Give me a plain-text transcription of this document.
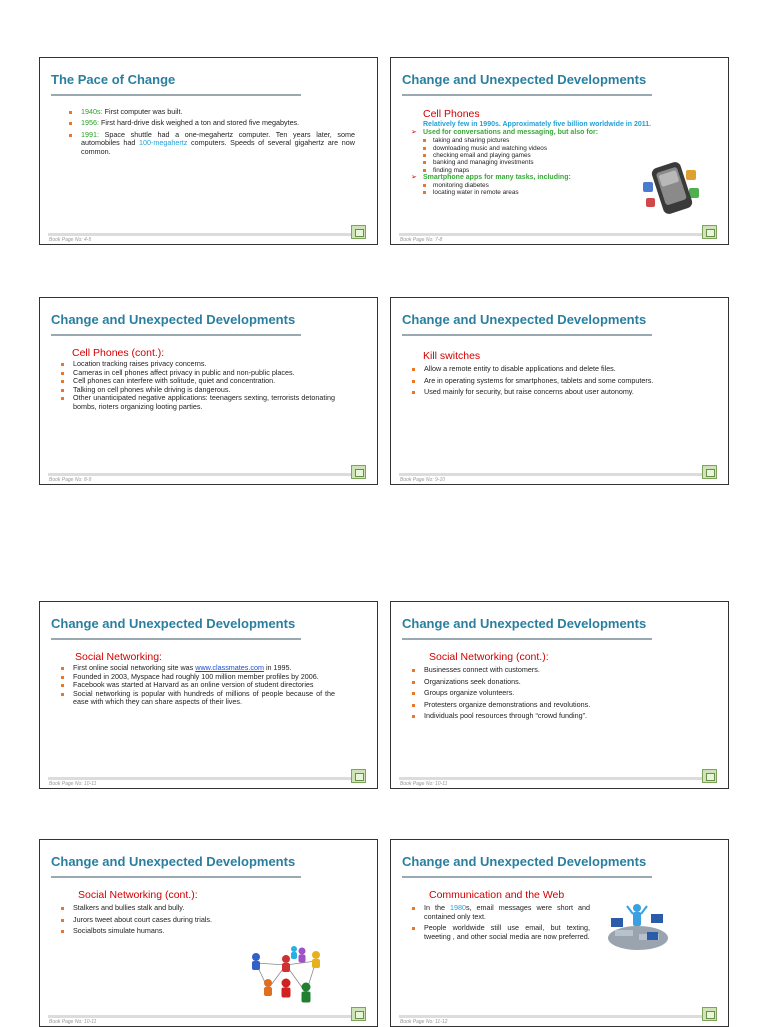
The Pace of Change
1940s: First computer was built.
1956: First hard-drive disk weighed a ton and stored five megabytes.
1991: Space shuttle had a one-megahertz computer. Ten years later, some automobiles had 100-megahertz computers. Speeds of several gigahertz are now common.
Book Page No: 4-5
Change and Unexpected Developments
Cell Phones
Relatively few in 1990s. Approximately five billion worldwide in 2011.
➢ Used for conversations and messaging, but also for:
taking and sharing pictures
downloading music and watching videos
checking email and playing games
banking and managing investments
finding maps
➢ Smartphone apps for many tasks, including:
monitoring diabetes
locating water in remote areas
Book Page No: 7-8
Change and Unexpected Developments
Cell Phones (cont.):
Location tracking raises privacy concerns.
Cameras in cell phones affect privacy in public and non-public places.
Cell phones can interfere with solitude, quiet and concentration.
Talking on cell phones while driving is dangerous.
Other unanticipated negative applications: teenagers sexting, terrorists detonating bombs, rioters organizing looting parties.
Book Page No: 8-9
Change and Unexpected Developments
Kill switches
Allow a remote entity to disable applications and delete files.
Are in operating systems for smartphones, tablets and some computers.
Used mainly for security, but raise concerns about user autonomy.
Book Page No: 9-10
Change and Unexpected Developments
Social Networking:
First online social networking site was www.classmates.com in 1995.
Founded in 2003, Myspace had roughly 100 million member profiles by 2006.
Facebook was started at Harvard as an online version of student directories
Social networking is popular with hundreds of millions of people because of the ease with which they can share aspects of their lives.
Book Page No: 10-11
Change and Unexpected Developments
Social Networking (cont.):
Businesses connect with customers.
Organizations seek donations.
Groups organize volunteers.
Protesters organize demonstrations and revolutions.
Individuals pool resources through “crowd funding”.
Book Page No: 10-11
Change and Unexpected Developments
Social Networking (cont.):
Stalkers and bullies stalk and bully.
Jurors tweet about court cases during trials.
Socialbots simulate humans.
Book Page No: 10-11
Change and Unexpected Developments
Communication and the Web
In the 1980s, email messages were short and contained only text.
People worldwide still use email, but texting, tweeting , and other social media are now preferred.
Book Page No: 11-12
